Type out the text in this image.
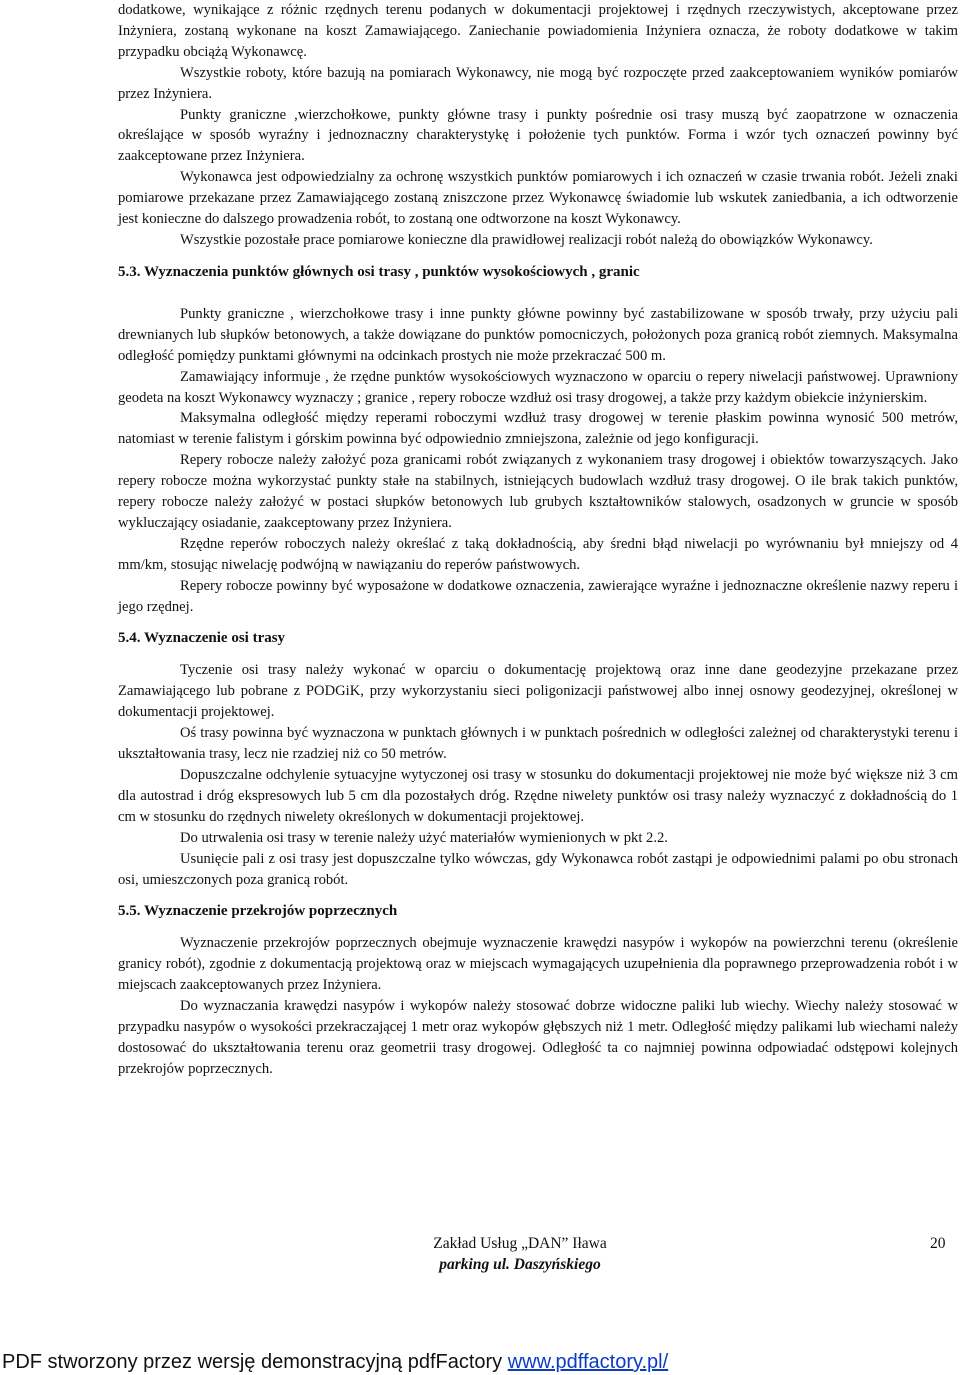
dodatkowe, wynikające z różnic rzędnych terenu podanych w dokumentacji projektowej i rzędnych rzeczywistych, akceptowane przez Inżyniera, zostaną wykonane na koszt Zamawiającego. Zaniechanie powiadomienia Inżyniera oznacza, że roboty dodatkowe w takim przypadku obciążą Wykonawcę.

Wszystkie roboty, które bazują na pomiarach Wykonawcy, nie mogą być rozpoczęte przed zaakceptowaniem wyników pomiarów przez Inżyniera.

Punkty graniczne ,wierzchołkowe, punkty główne trasy i punkty pośrednie osi trasy muszą być zaopatrzone w oznaczenia określające w sposób wyraźny i jednoznaczny charakterystykę i położenie tych punktów. Forma i wzór tych oznaczeń powinny być zaakceptowane przez Inżyniera.

Wykonawca jest odpowiedzialny za ochronę wszystkich punktów pomiarowych i ich oznaczeń w czasie trwania robót. Jeżeli znaki pomiarowe przekazane przez Zamawiającego zostaną zniszczone przez Wykonawcę świadomie lub wskutek zaniedbania, a ich odtworzenie jest konieczne do dalszego prowadzenia robót, to zostaną one odtworzone na koszt Wykonawcy.

Wszystkie pozostałe prace pomiarowe konieczne dla prawidłowej realizacji robót należą do obowiązków Wykonawcy.

5.3. Wyznaczenia punktów głównych osi trasy , punktów wysokościowych , granic

Punkty graniczne , wierzchołkowe trasy i inne punkty główne powinny być zastabilizowane w sposób trwały, przy użyciu pali drewnianych lub słupków betonowych, a także dowiązane do punktów pomocniczych, położonych poza granicą robót ziemnych. Maksymalna odległość pomiędzy punktami głównymi na odcinkach prostych nie może przekraczać 500 m.

Zamawiający informuje , że rzędne punktów wysokościowych wyznaczono w oparciu o repery niwelacji państwowej. Uprawniony geodeta na koszt Wykonawcy wyznaczy ; granice , repery robocze wzdłuż osi trasy drogowej, a także przy każdym obiekcie inżynierskim.

Maksymalna odległość między reperami roboczymi wzdłuż trasy drogowej w terenie płaskim powinna wynosić 500 metrów, natomiast w terenie falistym i górskim powinna być odpowiednio zmniejszona, zależnie od jego konfiguracji.

Repery robocze należy założyć poza granicami robót związanych z wykonaniem trasy drogowej i obiektów towarzyszących. Jako repery robocze można wykorzystać punkty stałe na stabilnych, istniejących budowlach wzdłuż trasy drogowej. O ile brak takich punktów, repery robocze należy założyć w postaci słupków betonowych lub grubych kształtowników stalowych, osadzonych w gruncie w sposób wykluczający osiadanie, zaakceptowany przez Inżyniera.

Rzędne reperów roboczych należy określać z taką dokładnością, aby średni błąd niwelacji po wyrównaniu był mniejszy od 4 mm/km, stosując niwelację podwójną w nawiązaniu do reperów państwowych.

Repery robocze powinny być wyposażone w dodatkowe oznaczenia, zawierające wyraźne i jednoznaczne określenie nazwy reperu i jego rzędnej.

5.4. Wyznaczenie osi trasy

Tyczenie osi trasy należy wykonać w oparciu o dokumentację projektową oraz inne dane geodezyjne przekazane przez Zamawiającego lub pobrane z PODGiK, przy wykorzystaniu sieci poligonizacji państwowej albo innej osnowy geodezyjnej, określonej w dokumentacji projektowej.

Oś trasy powinna być wyznaczona w punktach głównych i w punktach pośrednich w odległości zależnej od charakterystyki terenu i ukształtowania trasy, lecz nie rzadziej niż co 50 metrów.

Dopuszczalne odchylenie sytuacyjne wytyczonej osi trasy w stosunku do dokumentacji projektowej nie może być większe niż 3 cm dla autostrad i dróg ekspresowych lub 5 cm dla pozostałych dróg. Rzędne niwelety punktów osi trasy należy wyznaczyć z dokładnością do 1 cm w stosunku do rzędnych niwelety określonych w dokumentacji projektowej.

Do utrwalenia osi trasy w terenie należy użyć materiałów wymienionych w pkt 2.2.

Usunięcie pali z osi trasy jest dopuszczalne tylko wówczas, gdy Wykonawca robót zastąpi je odpowiednimi palami po obu stronach osi, umieszczonych poza granicą robót.

5.5. Wyznaczenie przekrojów poprzecznych

Wyznaczenie przekrojów poprzecznych obejmuje wyznaczenie krawędzi nasypów i wykopów na powierzchni terenu (określenie granicy robót), zgodnie z dokumentacją projektową oraz w miejscach wymagających uzupełnienia dla poprawnego przeprowadzenia robót i w miejscach zaakceptowanych przez Inżyniera.

Do wyznaczania krawędzi nasypów i wykopów należy stosować dobrze widoczne paliki lub wiechy. Wiechy należy stosować w przypadku nasypów o wysokości przekraczającej 1 metr oraz wykopów głębszych niż 1 metr. Odległość między palikami lub wiechami należy dostosować do ukształtowania terenu oraz geometrii trasy drogowej. Odległość ta co najmniej powinna odpowiadać odstępowi kolejnych przekrojów poprzecznych.

Zakład Usług „DAN” Iława
parking ul. Daszyńskiego
20
PDF stworzony przez wersję demonstracyjną pdfFactory www.pdffactory.pl/
